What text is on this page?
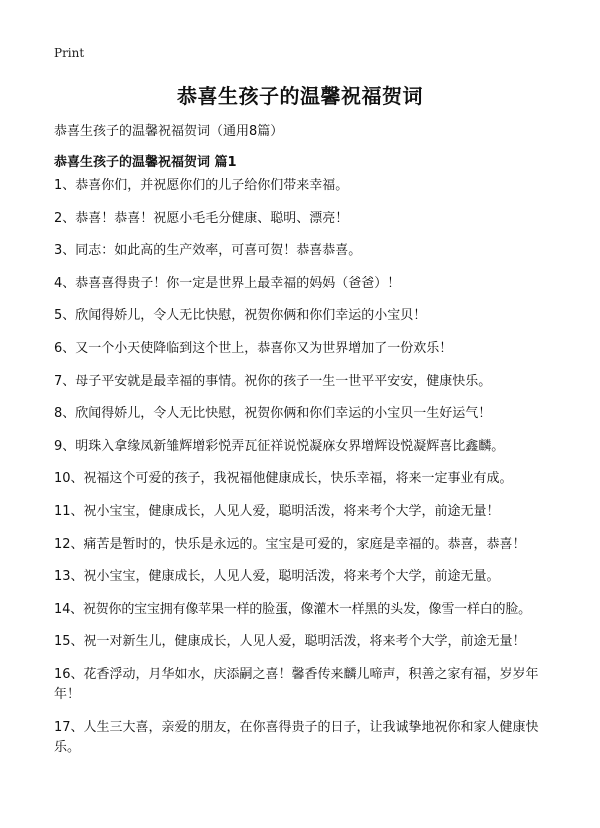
Print
恭喜生孩子的温馨祝福贺词
恭喜生孩子的温馨祝福贺词（通用8篇）
恭喜生孩子的温馨祝福贺词 篇1
1、恭喜你们，并祝愿你们的儿子给你们带来幸福。
2、恭喜！恭喜！祝愿小毛毛分健康、聪明、漂亮！
3、同志：如此高的生产效率，可喜可贺！恭喜恭喜。
4、恭喜喜得贵子！你一定是世界上最幸福的妈妈（爸爸）！
5、欣闻得娇儿，令人无比快慰，祝贺你俩和你们幸运的小宝贝！
6、又一个小天使降临到这个世上，恭喜你又为世界增加了一份欢乐！
7、母子平安就是最幸福的事情。祝你的孩子一生一世平平安安，健康快乐。
8、欣闻得娇儿，令人无比快慰，祝贺你俩和你们幸运的小宝贝一生好运气！
9、明珠入拿缘凤新雏辉增彩悦弄瓦征祥说悦凝庥女界增辉设悦凝辉喜比鑫麟。
10、祝福这个可爱的孩子，我祝福他健康成长，快乐幸福，将来一定事业有成。
11、祝小宝宝，健康成长，人见人爱，聪明活泼，将来考个大学，前途无量！
12、痛苦是暂时的，快乐是永远的。宝宝是可爱的，家庭是幸福的。恭喜，恭喜！
13、祝小宝宝，健康成长，人见人爱，聪明活泼，将来考个大学，前途无量。
14、祝贺你的宝宝拥有像苹果一样的脸蛋，像灌木一样黑的头发，像雪一样白的脸。
15、祝一对新生儿，健康成长，人见人爱，聪明活泼，将来考个大学，前途无量！
16、花香浮动，月华如水，庆添嗣之喜！馨香传来麟儿啼声，积善之家有福，岁岁年年！
17、人生三大喜，亲爱的朋友，在你喜得贵子的日子，让我诚挚地祝你和家人健康快乐。
